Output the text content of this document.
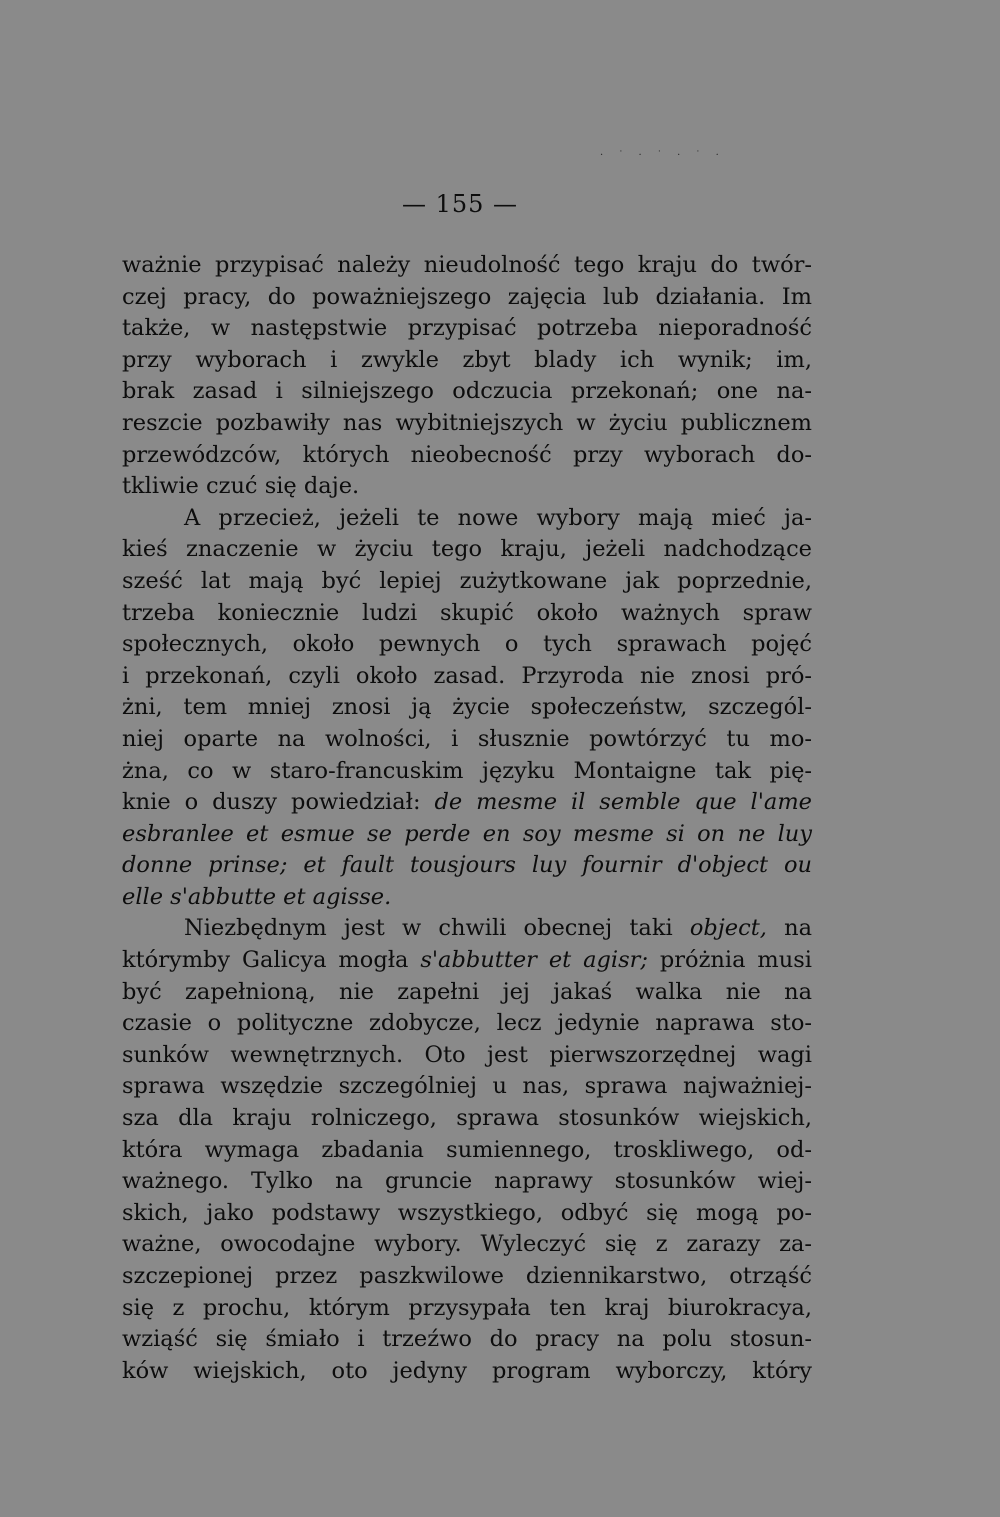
· ˙ · ˙ · ˙ ·
— 155 —
ważnie przypisać należy nieudolność tego kraju do twór-
czej pracy, do poważniejszego zajęcia lub działania. Im
także, w następstwie przypisać potrzeba nieporadność
przy wyborach i zwykle zbyt blady ich wynik; im,
brak zasad i silniejszego odczucia przekonań; one na-
reszcie pozbawiły nas wybitniejszych w życiu publicznem
przewódzców, których nieobecność przy wyborach do-
tkliwie czuć się daje.
A przecież, jeżeli te nowe wybory mają mieć ja-
kieś znaczenie w życiu tego kraju, jeżeli nadchodzące
sześć lat mają być lepiej zużytkowane jak poprzednie,
trzeba koniecznie ludzi skupić około ważnych spraw
społecznych, około pewnych o tych sprawach pojęć
i przekonań, czyli około zasad. Przyroda nie znosi pró-
żni, tem mniej znosi ją życie społeczeństw, szczegól-
niej oparte na wolności, i słusznie powtórzyć tu mo-
żna, co w staro-francuskim języku Montaigne tak pię-
knie o duszy powiedział: de mesme il semble que l'ame
esbranlee et esmue se perde en soy mesme si on ne luy
donne prinse; et fault tousjours luy fournir d'object ou
elle s'abbutte et agisse.
Niezbędnym jest w chwili obecnej taki object, na
którymby Galicya mogła s'abbutter et agisr; próżnia musi
być zapełnioną, nie zapełni jej jakaś walka nie na
czasie o polityczne zdobycze, lecz jedynie naprawa sto-
sunków wewnętrznych. Oto jest pierwszorzędnej wagi
sprawa wszędzie szczególniej u nas, sprawa najważniej-
sza dla kraju rolniczego, sprawa stosunków wiejskich,
która wymaga zbadania sumiennego, troskliwego, od-
ważnego. Tylko na gruncie naprawy stosunków wiej-
skich, jako podstawy wszystkiego, odbyć się mogą po-
ważne, owocodajne wybory. Wyleczyć się z zarazy za-
szczepionej przez paszkwilowe dziennikarstwo, otrząść
się z prochu, którym przysypała ten kraj biurokracya,
wziąść się śmiało i trzeźwo do pracy na polu stosun-
ków wiejskich, oto jedyny program wyborczy, który
